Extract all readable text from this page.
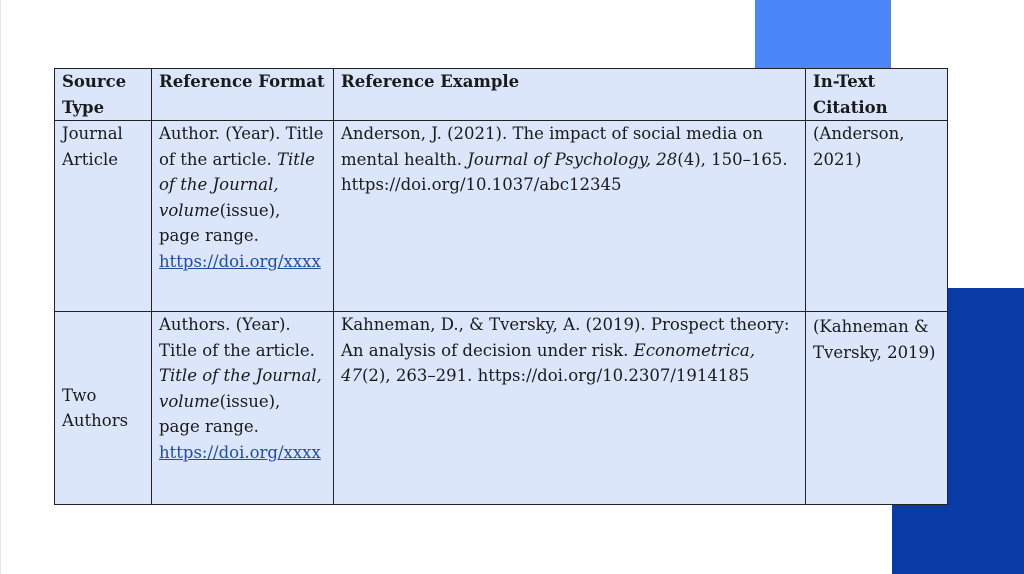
Source Type	Reference Format	Reference Example	In-Text Citation
Journal Article	Author. (Year). Title of the article. Title of the Journal, volume(issue), page range. https://doi.org/xxxx	Anderson, J. (2021). The impact of social media on mental health. Journal of Psychology, 28(4), 150–165. https://doi.org/10.1037/abc12345	(Anderson, 2021)
Two Authors	Authors. (Year). Title of the article. Title of the Journal, volume(issue), page range. https://doi.org/xxxx	Kahneman, D., & Tversky, A. (2019). Prospect theory: An analysis of decision under risk. Econometrica, 47(2), 263–291. https://doi.org/10.2307/1914185	(Kahneman & Tversky, 2019)
